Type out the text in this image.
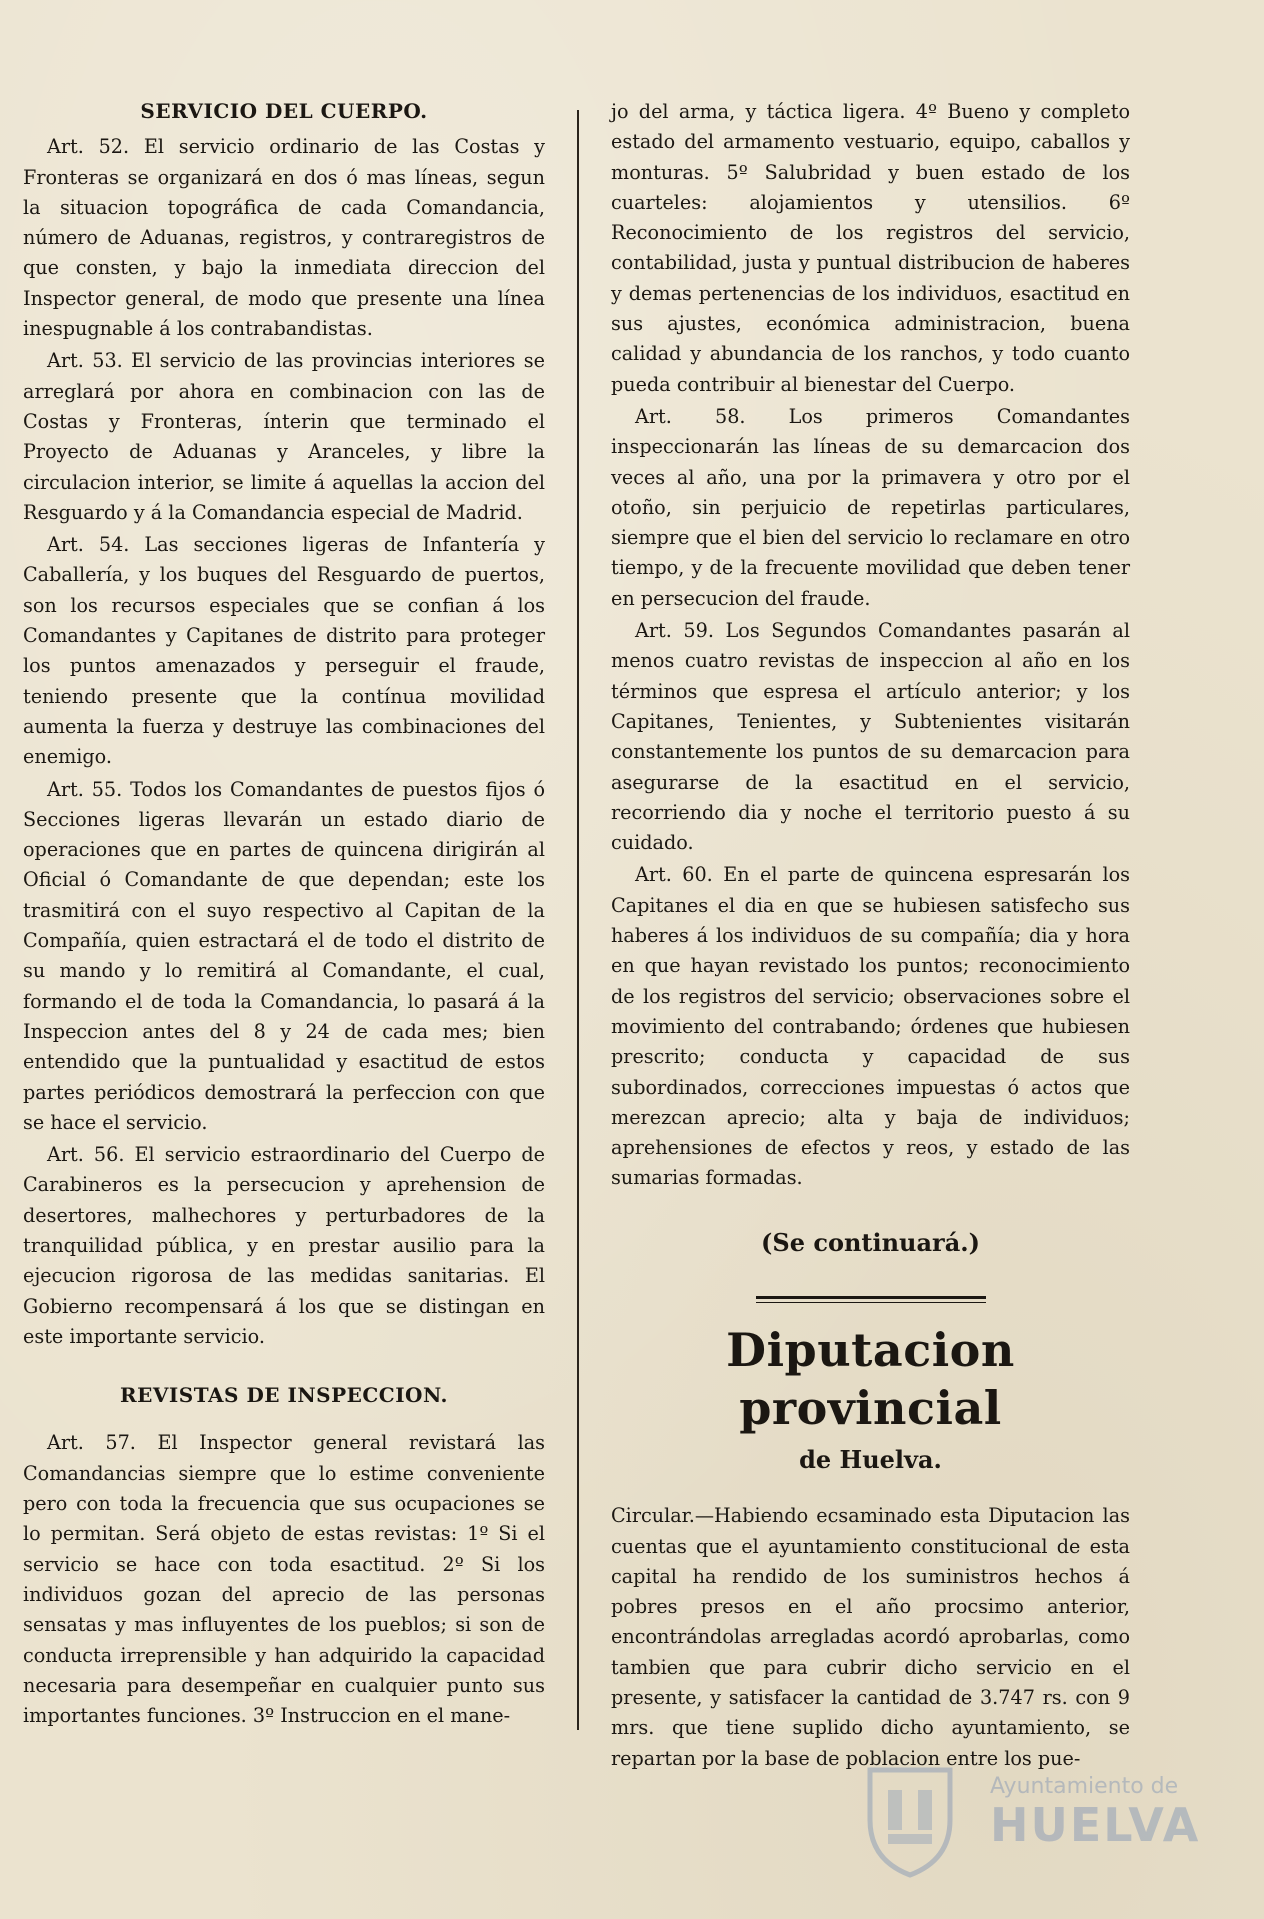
SERVICIO DEL CUERPO.

Art. 52. El servicio ordinario de las Costas y Fronteras se organizará en dos ó mas líneas, segun la situacion topográfica de cada Comandancia, número de Aduanas, registros, y contraregistros de que consten, y bajo la inmediata direccion del Inspector general, de modo que presente una línea inespugnable á los contrabandistas.

Art. 53. El servicio de las provincias interiores se arreglará por ahora en combinacion con las de Costas y Fronteras, ínterin que terminado el Proyecto de Aduanas y Aranceles, y libre la circulacion interior, se limite á aquellas la accion del Resguardo y á la Comandancia especial de Madrid.

Art. 54. Las secciones ligeras de Infantería y Caballería, y los buques del Resguardo de puertos, son los recursos especiales que se confian á los Comandantes y Capitanes de distrito para proteger los puntos amenazados y perseguir el fraude, teniendo presente que la contínua movilidad aumenta la fuerza y destruye las combinaciones del enemigo.

Art. 55. Todos los Comandantes de puestos fijos ó Secciones ligeras llevarán un estado diario de operaciones que en partes de quincena dirigirán al Oficial ó Comandante de que dependan; este los trasmitirá con el suyo respectivo al Capitan de la Compañía, quien estractará el de todo el distrito de su mando y lo remitirá al Comandante, el cual, formando el de toda la Comandancia, lo pasará á la Inspeccion antes del 8 y 24 de cada mes; bien entendido que la puntualidad y esactitud de estos partes periódicos demostrará la perfeccion con que se hace el servicio.

Art. 56. El servicio estraordinario del Cuerpo de Carabineros es la persecucion y aprehension de desertores, malhechores y perturbadores de la tranquilidad pública, y en prestar ausilio para la ejecucion rigorosa de las medidas sanitarias. El Gobierno recompensará á los que se distingan en este importante servicio.

REVISTAS DE INSPECCION.

Art. 57. El Inspector general revistará las Comandancias siempre que lo estime conveniente pero con toda la frecuencia que sus ocupaciones se lo permitan. Será objeto de estas revistas: 1º Si el servicio se hace con toda esactitud. 2º Si los individuos gozan del aprecio de las personas sensatas y mas influyentes de los pueblos; si son de conducta irreprensible y han adquirido la capacidad necesaria para desempeñar en cualquier punto sus importantes funciones. 3º Instruccion en el mane-

jo del arma, y táctica ligera. 4º Bueno y completo estado del armamento vestuario, equipo, caballos y monturas. 5º Salubridad y buen estado de los cuarteles: alojamientos y utensilios. 6º Reconocimiento de los registros del servicio, contabilidad, justa y puntual distribucion de haberes y demas pertenencias de los individuos, esactitud en sus ajustes, económica administracion, buena calidad y abundancia de los ranchos, y todo cuanto pueda contribuir al bienestar del Cuerpo.

Art. 58. Los primeros Comandantes inspeccionarán las líneas de su demarcacion dos veces al año, una por la primavera y otro por el otoño, sin perjuicio de repetirlas particulares, siempre que el bien del servicio lo reclamare en otro tiempo, y de la frecuente movilidad que deben tener en persecucion del fraude.

Art. 59. Los Segundos Comandantes pasarán al menos cuatro revistas de inspeccion al año en los términos que espresa el artículo anterior; y los Capitanes, Tenientes, y Subtenientes visitarán constantemente los puntos de su demarcacion para asegurarse de la esactitud en el servicio, recorriendo dia y noche el territorio puesto á su cuidado.

Art. 60. En el parte de quincena espresarán los Capitanes el dia en que se hubiesen satisfecho sus haberes á los individuos de su compañía; dia y hora en que hayan revistado los puntos; reconocimiento de los registros del servicio; observaciones sobre el movimiento del contrabando; órdenes que hubiesen prescrito; conducta y capacidad de sus subordinados, correcciones impuestas ó actos que merezcan aprecio; alta y baja de individuos; aprehensiones de efectos y reos, y estado de las sumarias formadas.

(Se continuará.)
Diputacion provincial
de Huelva.

Circular.—Habiendo ecsaminado esta Diputacion las cuentas que el ayuntamiento constitucional de esta capital ha rendido de los suministros hechos á pobres presos en el año procsimo anterior, encontrándolas arregladas acordó aprobarlas, como tambien que para cubrir dicho servicio en el presente, y satisfacer la cantidad de 3.747 rs. con 9 mrs. que tiene suplido dicho ayuntamiento, se repartan por la base de poblacion entre los pue-

Ayuntamiento de
HUELVA
